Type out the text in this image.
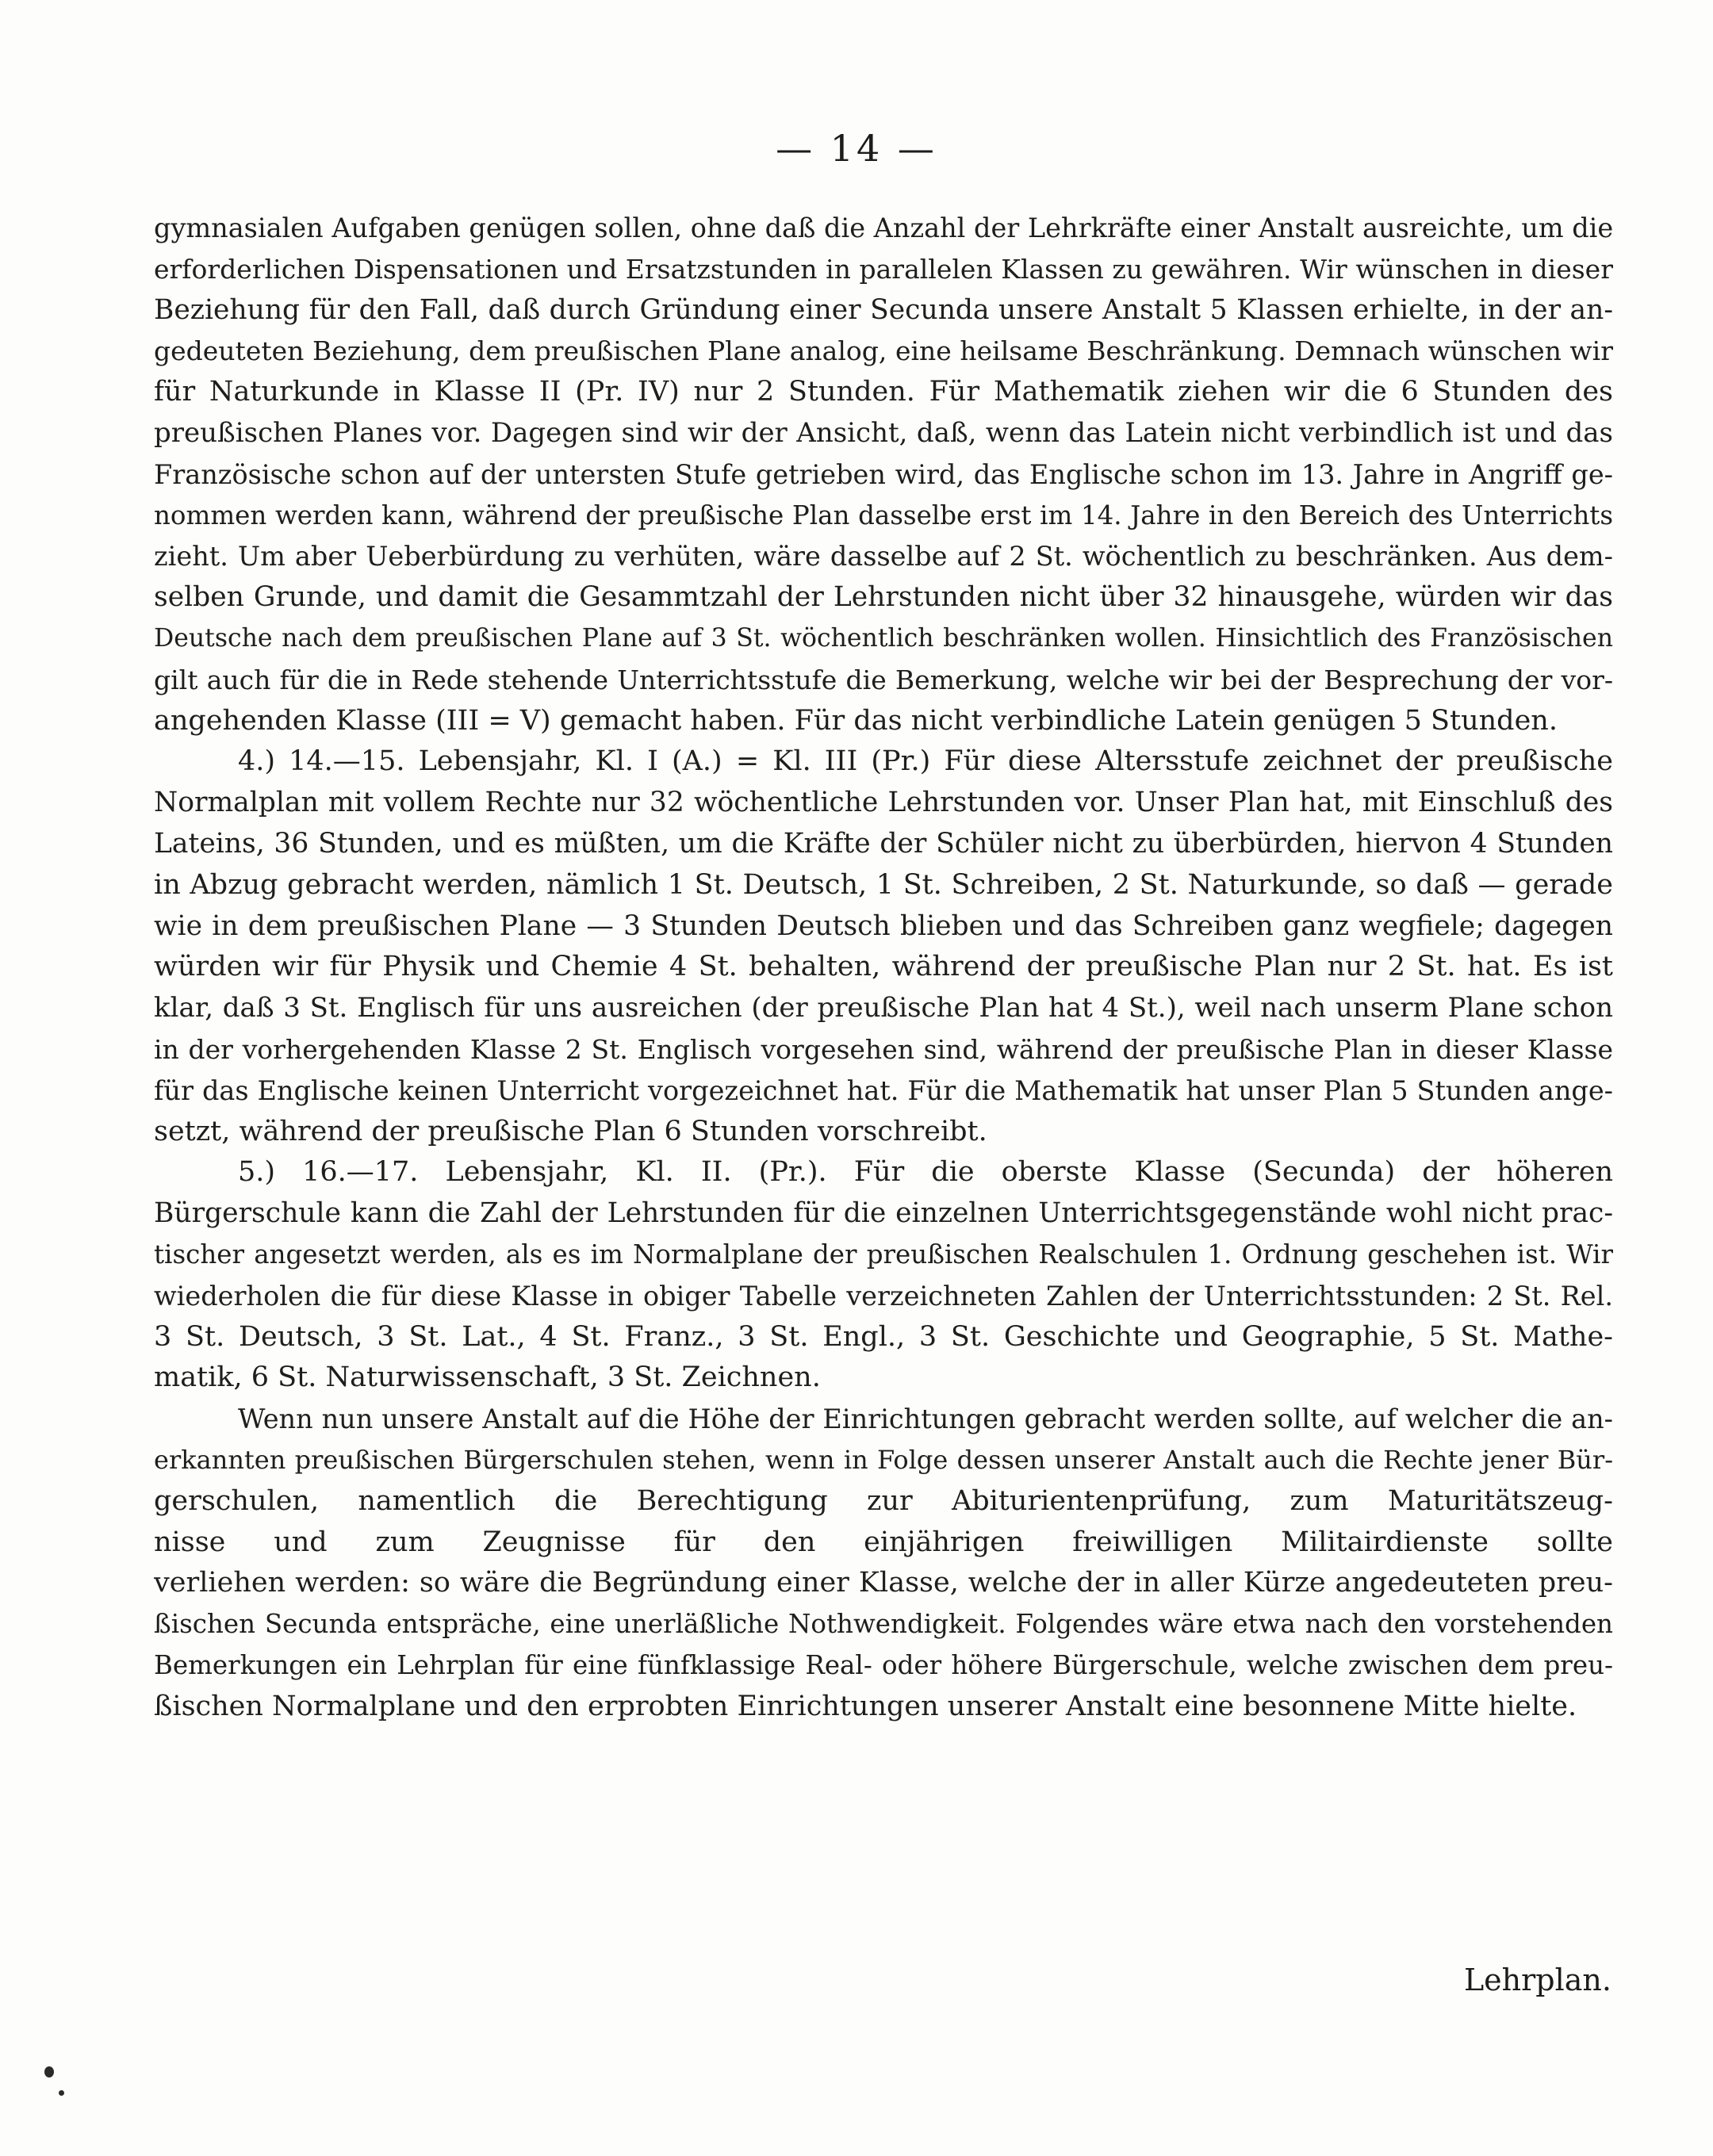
— 14 —
gymnasialen Aufgaben genügen sollen, ohne daß die Anzahl der Lehrkräfte einer Anstalt ausreichte, um die
erforderlichen Dispensationen und Ersatzstunden in parallelen Klassen zu gewähren. Wir wünschen in dieser
Beziehung für den Fall, daß durch Gründung einer Secunda unsere Anstalt 5 Klassen erhielte, in der an-
gedeuteten Beziehung, dem preußischen Plane analog, eine heilsame Beschränkung. Demnach wünschen wir
für Naturkunde in Klasse II (Pr. IV) nur 2 Stunden. Für Mathematik ziehen wir die 6 Stunden des
preußischen Planes vor. Dagegen sind wir der Ansicht, daß, wenn das Latein nicht verbindlich ist und das
Französische schon auf der untersten Stufe getrieben wird, das Englische schon im 13. Jahre in Angriff ge-
nommen werden kann, während der preußische Plan dasselbe erst im 14. Jahre in den Bereich des Unterrichts
zieht. Um aber Ueberbürdung zu verhüten, wäre dasselbe auf 2 St. wöchentlich zu beschränken. Aus dem-
selben Grunde, und damit die Gesammtzahl der Lehrstunden nicht über 32 hinausgehe, würden wir das
Deutsche nach dem preußischen Plane auf 3 St. wöchentlich beschränken wollen. Hinsichtlich des Französischen
gilt auch für die in Rede stehende Unterrichtsstufe die Bemerkung, welche wir bei der Besprechung der vor-
angehenden Klasse (III = V) gemacht haben. Für das nicht verbindliche Latein genügen 5 Stunden.
4.) 14.—15. Lebensjahr, Kl. I (A.) = Kl. III (Pr.) Für diese Altersstufe zeichnet der preußische
Normalplan mit vollem Rechte nur 32 wöchentliche Lehrstunden vor. Unser Plan hat, mit Einschluß des
Lateins, 36 Stunden, und es müßten, um die Kräfte der Schüler nicht zu überbürden, hiervon 4 Stunden
in Abzug gebracht werden, nämlich 1 St. Deutsch, 1 St. Schreiben, 2 St. Naturkunde, so daß — gerade
wie in dem preußischen Plane — 3 Stunden Deutsch blieben und das Schreiben ganz wegfiele; dagegen
würden wir für Physik und Chemie 4 St. behalten, während der preußische Plan nur 2 St. hat. Es ist
klar, daß 3 St. Englisch für uns ausreichen (der preußische Plan hat 4 St.), weil nach unserm Plane schon
in der vorhergehenden Klasse 2 St. Englisch vorgesehen sind, während der preußische Plan in dieser Klasse
für das Englische keinen Unterricht vorgezeichnet hat. Für die Mathematik hat unser Plan 5 Stunden ange-
setzt, während der preußische Plan 6 Stunden vorschreibt.
5.) 16.—17. Lebensjahr, Kl. II. (Pr.). Für die oberste Klasse (Secunda) der höheren
Bürgerschule kann die Zahl der Lehrstunden für die einzelnen Unterrichtsgegenstände wohl nicht prac-
tischer angesetzt werden, als es im Normalplane der preußischen Realschulen 1. Ordnung geschehen ist. Wir
wiederholen die für diese Klasse in obiger Tabelle verzeichneten Zahlen der Unterrichtsstunden: 2 St. Rel.
3 St. Deutsch, 3 St. Lat., 4 St. Franz., 3 St. Engl., 3 St. Geschichte und Geographie, 5 St. Mathe-
matik, 6 St. Naturwissenschaft, 3 St. Zeichnen.
Wenn nun unsere Anstalt auf die Höhe der Einrichtungen gebracht werden sollte, auf welcher die an-
erkannten preußischen Bürgerschulen stehen, wenn in Folge dessen unserer Anstalt auch die Rechte jener Bür-
gerschulen, namentlich die Berechtigung zur Abiturientenprüfung, zum Maturitätszeug-
nisse und zum Zeugnisse für den einjährigen freiwilligen Militairdienste sollte
verliehen werden: so wäre die Begründung einer Klasse, welche der in aller Kürze angedeuteten preu-
ßischen Secunda entspräche, eine unerläßliche Nothwendigkeit. Folgendes wäre etwa nach den vorstehenden
Bemerkungen ein Lehrplan für eine fünfklassige Real- oder höhere Bürgerschule, welche zwischen dem preu-
ßischen Normalplane und den erprobten Einrichtungen unserer Anstalt eine besonnene Mitte hielte.
Lehrplan.
